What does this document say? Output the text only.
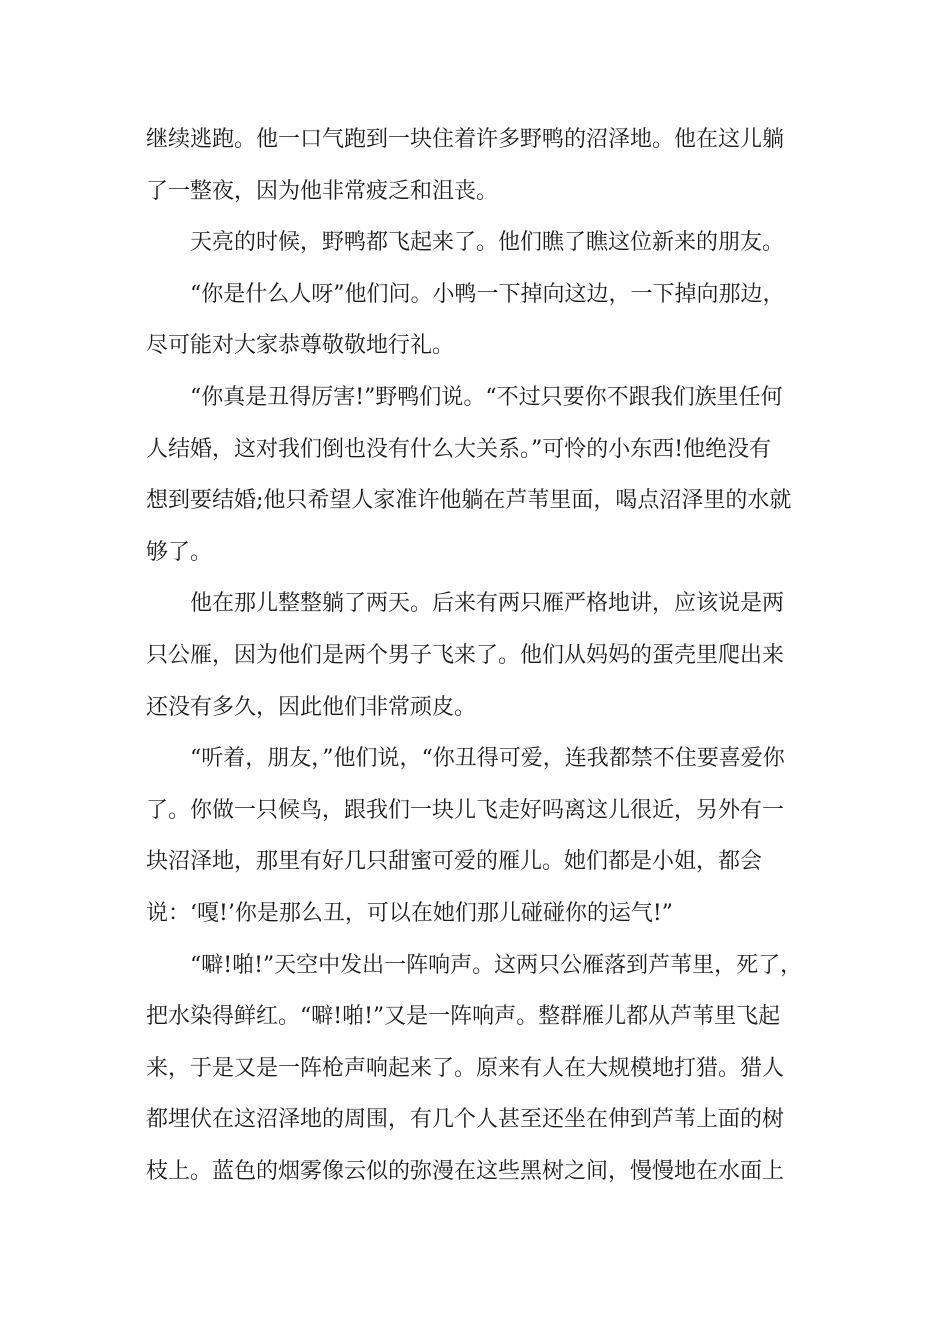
继续逃跑。他一口气跑到一块住着许多野鸭的沼泽地。他在这儿躺
了一整夜，因为他非常疲乏和沮丧。
天亮的时候，野鸭都飞起来了。他们瞧了瞧这位新来的朋友。
“你是什么人呀”他们问。小鸭一下掉向这边，一下掉向那边，
尽可能对大家恭尊敬敬地行礼。
“你真是丑得厉害!”野鸭们说。“不过只要你不跟我们族里任何
人结婚，这对我们倒也没有什么大关系。”可怜的小东西!他绝没有
想到要结婚;他只希望人家准许他躺在芦苇里面，喝点沼泽里的水就
够了。
他在那儿整整躺了两天。后来有两只雁严格地讲，应该说是两
只公雁，因为他们是两个男子飞来了。他们从妈妈的蛋壳里爬出来
还没有多久，因此他们非常顽皮。
“听着，朋友，”他们说，“你丑得可爱，连我都禁不住要喜爱你
了。你做一只候鸟，跟我们一块儿飞走好吗离这儿很近，另外有一
块沼泽地，那里有好几只甜蜜可爱的雁儿。她们都是小姐，都会
说：‘嘎!’你是那么丑，可以在她们那儿碰碰你的运气!”
“噼!啪!”天空中发出一阵响声。这两只公雁落到芦苇里，死了，
把水染得鲜红。“噼!啪!”又是一阵响声。整群雁儿都从芦苇里飞起
来，于是又是一阵枪声响起来了。原来有人在大规模地打猎。猎人
都埋伏在这沼泽地的周围，有几个人甚至还坐在伸到芦苇上面的树
枝上。蓝色的烟雾像云似的弥漫在这些黑树之间，慢慢地在水面上
